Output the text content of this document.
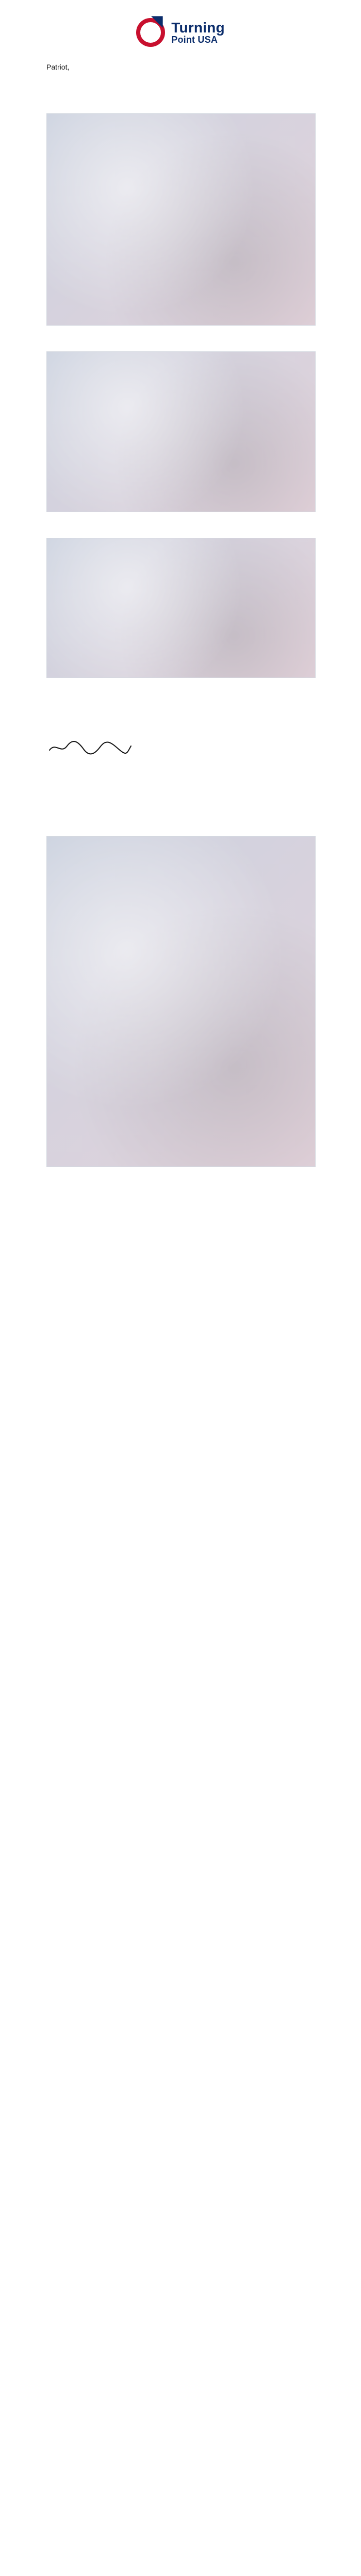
Turning
Point USA
Patriot,
